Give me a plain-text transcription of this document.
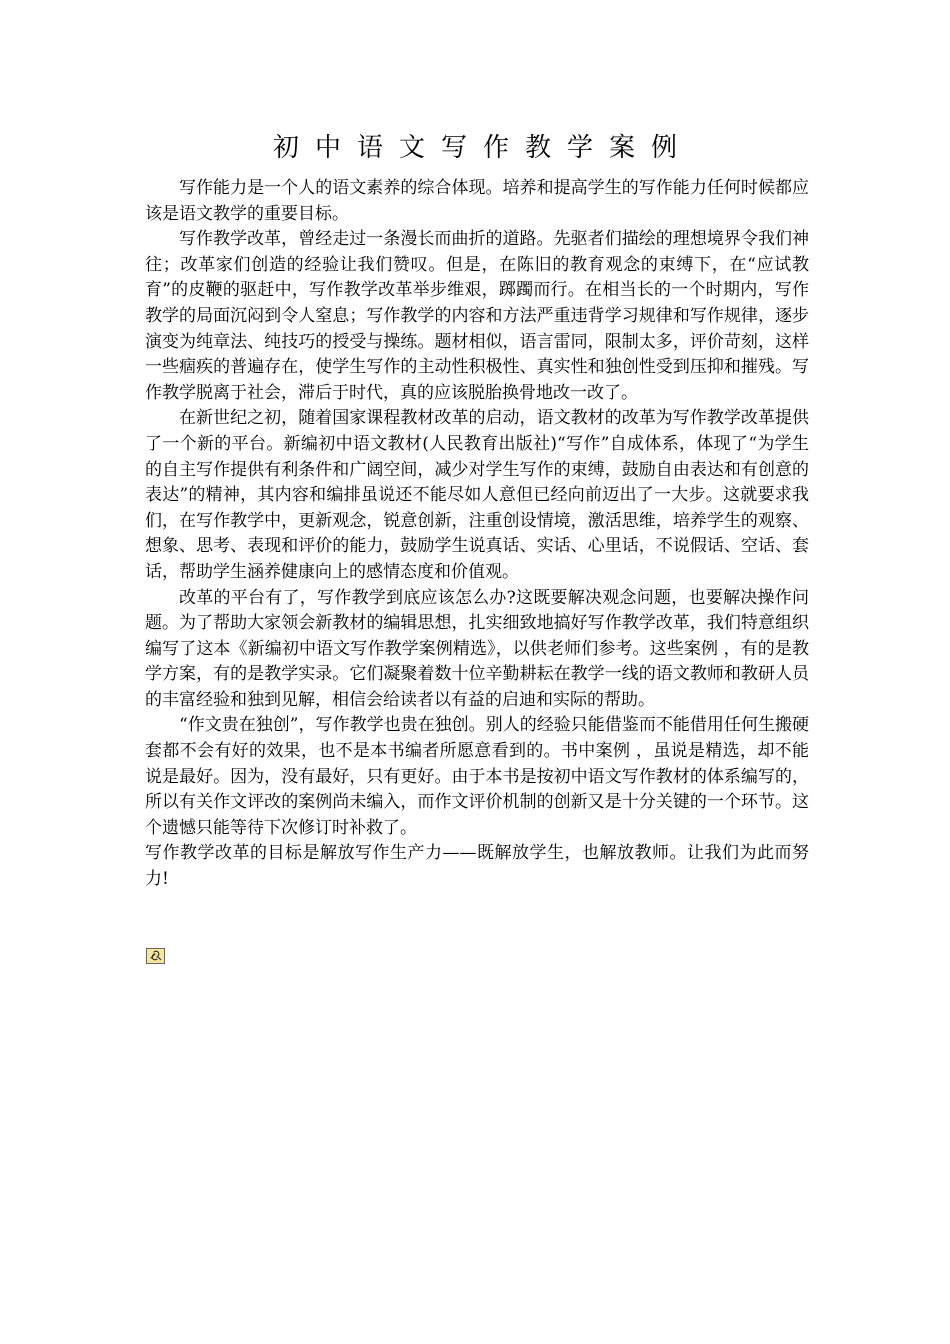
初中语文写作教学案例

写作能力是一个人的语文素养的综合体现。培养和提高学生的写作能力任何时候都应该是语文教学的重要目标。

写作教学改革，曾经走过一条漫长而曲折的道路。先驱者们描绘的理想境界令我们神往；改革家们创造的经验让我们赞叹。但是，在陈旧的教育观念的束缚下，在“应试教育”的皮鞭的驱赶中，写作教学改革举步维艰，踯躅而行。在相当长的一个时期内，写作教学的局面沉闷到令人窒息；写作教学的内容和方法严重违背学习规律和写作规律，逐步演变为纯章法、纯技巧的授受与操练。题材相似，语言雷同，限制太多，评价苛刻，这样一些痼疾的普遍存在，使学生写作的主动性积极性、真实性和独创性受到压抑和摧残。写作教学脱离于社会，滞后于时代，真的应该脱胎换骨地改一改了。

在新世纪之初，随着国家课程教材改革的启动，语文教材的改革为写作教学改革提供了一个新的平台。新编初中语文教材(人民教育出版社)“写作”自成体系，体现了“为学生的自主写作提供有利条件和广阔空间，减少对学生写作的束缚，鼓励自由表达和有创意的表达”的精神，其内容和编排虽说还不能尽如人意但已经向前迈出了一大步。这就要求我们，在写作教学中，更新观念，锐意创新，注重创设情境，激活思维，培养学生的观察、想象、思考、表现和评价的能力，鼓励学生说真话、实话、心里话，不说假话、空话、套话，帮助学生涵养健康向上的感情态度和价值观。

改革的平台有了，写作教学到底应该怎么办?这既要解决观念问题，也要解决操作问题。为了帮助大家领会新教材的编辑思想，扎实细致地搞好写作教学改革，我们特意组织编写了这本《新编初中语文写作教学案例精选》，以供老师们参考。这些案例 ，有的是教学方案，有的是教学实录。它们凝聚着数十位辛勤耕耘在教学一线的语文教师和教研人员的丰富经验和独到见解，相信会给读者以有益的启迪和实际的帮助。

“作文贵在独创”，写作教学也贵在独创。别人的经验只能借鉴而不能借用任何生搬硬套都不会有好的效果，也不是本书编者所愿意看到的。书中案例 ，虽说是精选，却不能说是最好。因为，没有最好，只有更好。由于本书是按初中语文写作教材的体系编写的，所以有关作文评改的案例尚未编入，而作文评价机制的创新又是十分关键的一个环节。这个遗憾只能等待下次修订时补救了。

写作教学改革的目标是解放写作生产力——既解放学生，也解放教师。让我们为此而努力!
